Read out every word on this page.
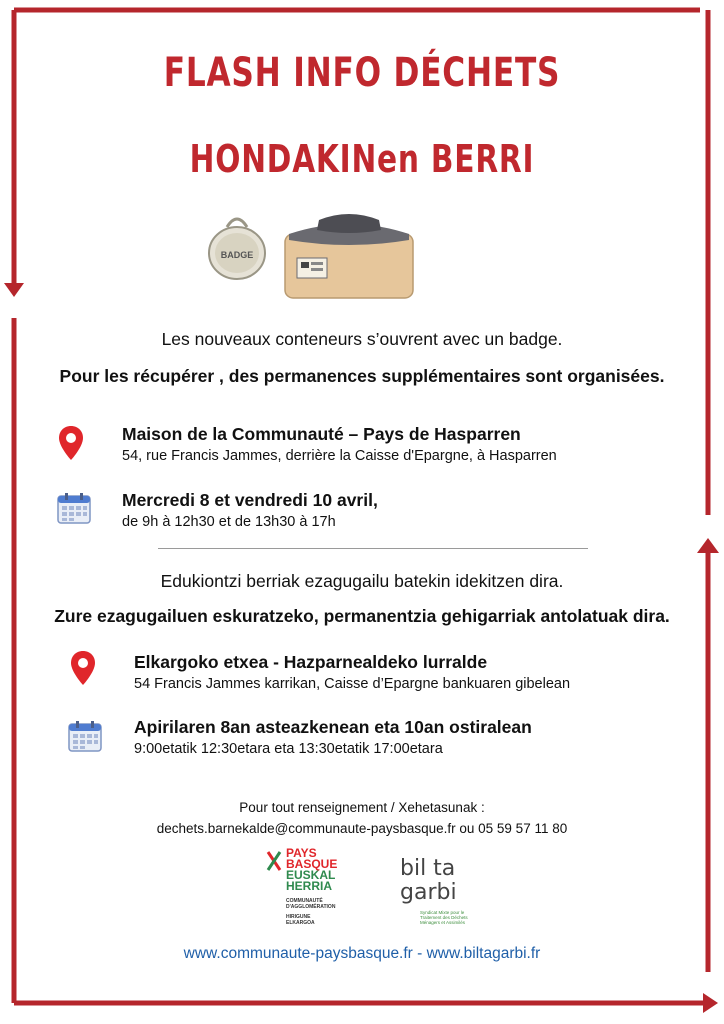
FLASH INFO DÉCHETS
HONDAKINen BERRI
BADGE
Les nouveaux conteneurs s’ouvrent avec un badge.
Pour les récupérer , des permanences supplémentaires sont organisées.
Maison de la Communauté – Pays de Hasparren
54, rue Francis Jammes, derrière la Caisse d'Epargne, à Hasparren
Mercredi 8 et vendredi 10 avril,
de 9h à 12h30 et de 13h30 à 17h
Edukiontzi berriak ezagugailu batekin idekitzen dira.
Zure ezagugailuen eskuratzeko, permanentzia gehigarriak antolatuak dira.
Elkargoko etxea - Hazparnealdeko lurralde
54 Francis Jammes karrikan, Caisse d’Epargne bankuaren gibelean
Apirilaren 8an asteazkenean eta 10an ostiralean
9:00etatik 12:30etara eta 13:30etatik 17:00etara
Pour tout renseignement / Xehetasunak :
dechets.barnekalde@communaute-paysbasque.fr ou 05 59 57 11 80
PAYS
BASQUE
EUSKAL
HERRIA
COMMUNAUTÉ
D'AGGLOMÉRATION
HIRIGUNE
ELKARGOA
bil ta
garbi
Syndicat Mixte pour le
Traitement des Déchets
Ménagers et Assimilés
www.communaute-paysbasque.fr - www.biltagarbi.fr
